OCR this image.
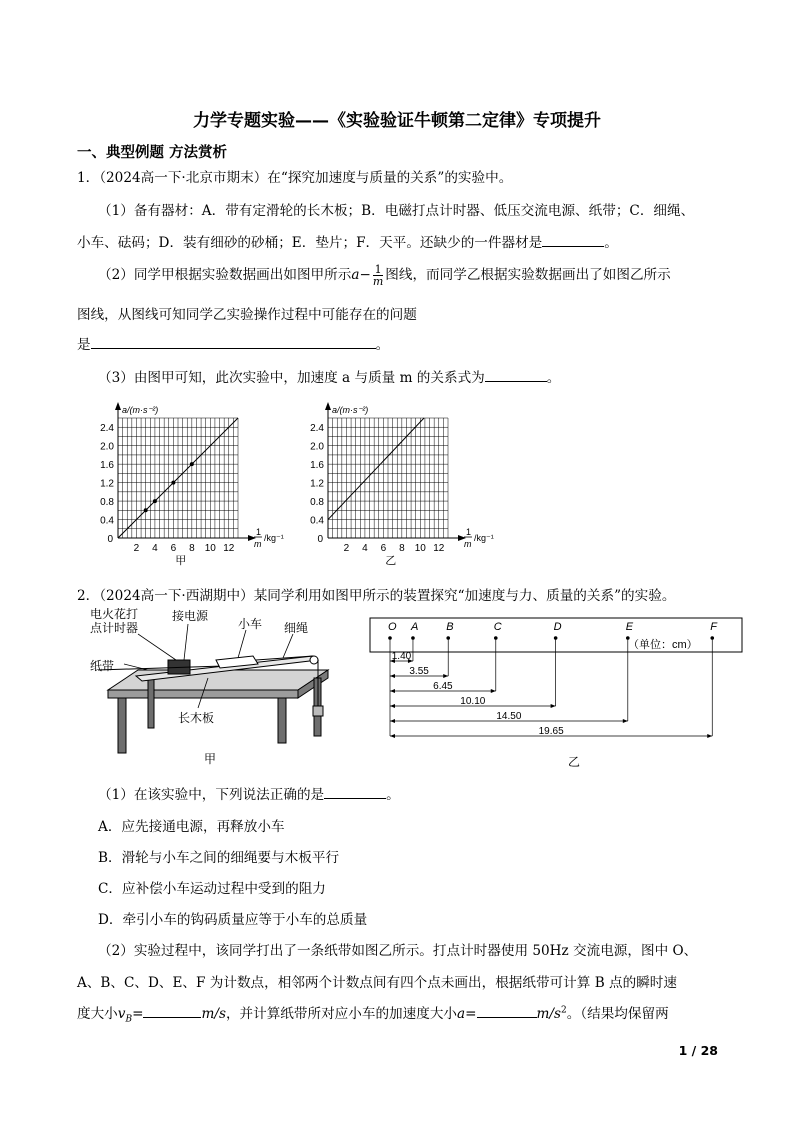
力学专题实验——《实验验证牛顿第二定律》专项提升
一、典型例题 方法赏析
1．（2024高一下·北京市期末）在“探究加速度与质量的关系”的实验中。
（1）备有器材：A．带有定滑轮的长木板；B．电磁打点计时器、低压交流电源、纸带；C．细绳、
小车、砝码；D．装有细砂的砂桶；E．垫片；F．天平。还缺少的一件器材是	。
（2）同学甲根据实验数据画出如图甲所示$a- \frac{1}{m}$ 图线，而同学乙根据实验数据画出了如图乙所示
图线，从图线可知同学乙实验操作过程中可能存在的问题
是	。
（3）由图甲可知，此次实验中，加速度 a 与质量 m 的关系式为	。
0.4
0.8
1.2
1.6
2.0
2.4
2 4 6 8 10 12
0
a/(m·s⁻²)
1
m
/kg⁻¹
甲
0.4
0.8
1.2
1.6
2.0
2.4
2 4 6 8 10 12
0
a/(m·s⁻²)
1
m
/kg⁻¹
乙
2．（2024高一下·西湖期中）某同学利用如图甲所示的装置探究“加速度与力、质量的关系”的实验。
电火花打
点计时器
接电源
小车 细绳
纸带
长木板
甲
O A	B	C	D	E	F
（单位：cm）
1.40
3.55
6.45
10.10
14.50
19.65
乙
（1）在该实验中，下列说法正确的是	。
A．应先接通电源，再释放小车
B．滑轮与小车之间的细绳要与木板平行
C．应补偿小车运动过程中受到的阻力
D．牵引小车的钩码质量应等于小车的总质量
（2）实验过程中，该同学打出了一条纸带如图乙所示。打点计时器使用 50Hz 交流电源，图中 O、
A、B、C、D、E、F 为计数点，相邻两个计数点间有四个点未画出，根据纸带可计算 B 点的瞬时速
度大小$v_B=$	m/s，并计算纸带所对应小车的加速度大小a=	$m/s^2$。（结果均保留两
1 / 28
